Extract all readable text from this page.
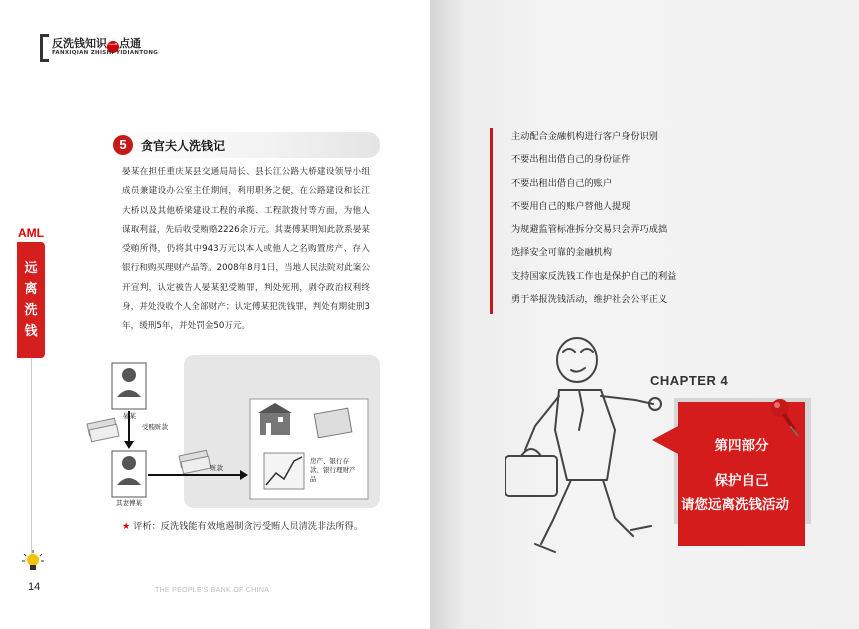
反洗钱知识一 点通
FANXIQIAN ZHISHI YIDIANTONG
AML
远
离
洗
钱
14	THE PEOPLE'S BANK OF CHINA
5	贪官夫人洗钱记
晏某在担任重庆某县交通局局长、县长江公路大桥建设领导小组成员兼建设办公室主任期间，利用职务之便，在公路建设和长江大桥以及其他桥梁建设工程的承揽、工程款拨付等方面，为他人谋取利益，先后收受贿赂2226余万元。其妻傅某明知此款系晏某受贿所得，仍将其中943万元以本人或他人之名购置房产、存入银行和购买理财产品等。2008年8月1日，当地人民法院对此案公开宣判，认定被告人晏某犯受贿罪，判处死刑，剥夺政治权利终身，并处没收个人全部财产；认定傅某犯洗钱罪，判处有期徒刑3年，缓刑5年，并处罚金50万元。
晏某
受贿赃款
其妻傅某
赃款
房产、银行存款、银行理财产品
★ 评析：反洗钱能有效地遏制贪污受贿人员清洗非法所得。
主动配合金融机构进行客户身份识别
不要出租出借自己的身份证件
不要出租出借自己的账户
不要用自己的账户替他人提现
为规避监管标准拆分交易只会弄巧成拙
选择安全可靠的金融机构
支持国家反洗钱工作也是保护自己的利益
勇于举报洗钱活动，维护社会公平正义
CHAPTER 4
第四部分
保护自己
请您远离洗钱活动
